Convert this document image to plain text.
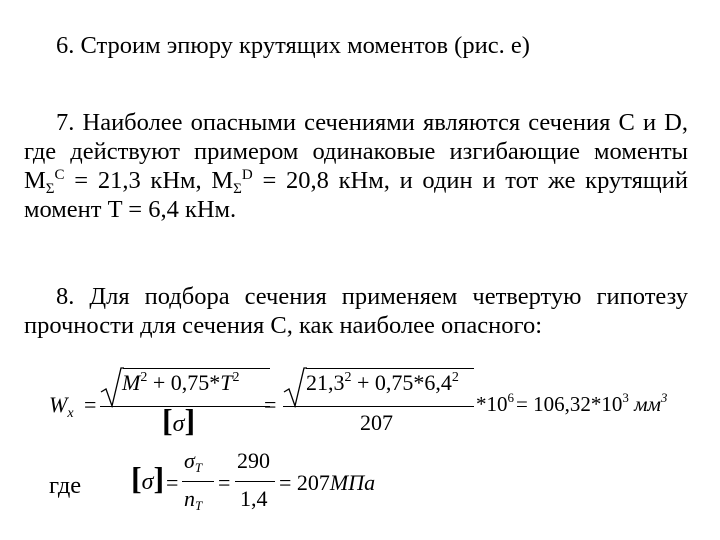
6. Строим эпюру крутящих моментов (рис. е)
7. Наиболее опасными сечениями являются сечения С и D, где действуют примером одинаковые изгибающие моменты $M_\Sigma^C = 21,3$ кНм, $M_\Sigma^D = 20,8$ кНм, и один и тот же крутящий момент T = 6,4 кНм.
8. Для подбора сечения применяем четвертую гипотезу прочности для сечения С, как наиболее опасного:
$W_x$ =
$M^2 + 0,75*T^2$
[σ]	=
$21,3^2 + 0,75*6,4^2$
207
$*10^6= 106,32*10^3$ $мм^3$
где [σ] =
$\sigma_T$
$n_T$
=
290
1,4
= 207МПа
